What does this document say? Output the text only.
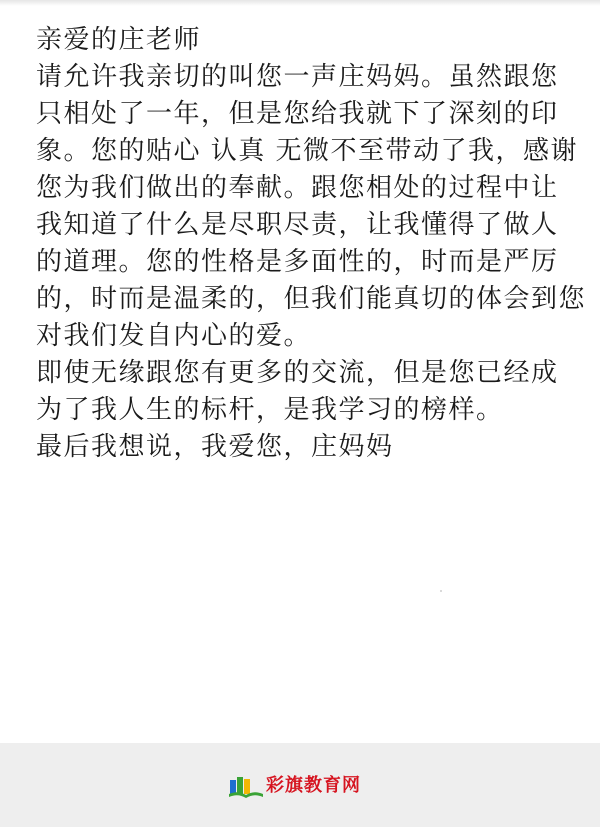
亲爱的庄老师
请允许我亲切的叫您一声庄妈妈。虽然跟您
只相处了一年，但是您给我就下了深刻的印
象。您的贴心 认真 无微不至带动了我，感谢
您为我们做出的奉献。跟您相处的过程中让
我知道了什么是尽职尽责，让我懂得了做人
的道理。您的性格是多面性的，时而是严厉
的，时而是温柔的，但我们能真切的体会到您
对我们发自内心的爱。
即使无缘跟您有更多的交流，但是您已经成
为了我人生的标杆，是我学习的榜样。
最后我想说，我爱您，庄妈妈
彩旗教育网
